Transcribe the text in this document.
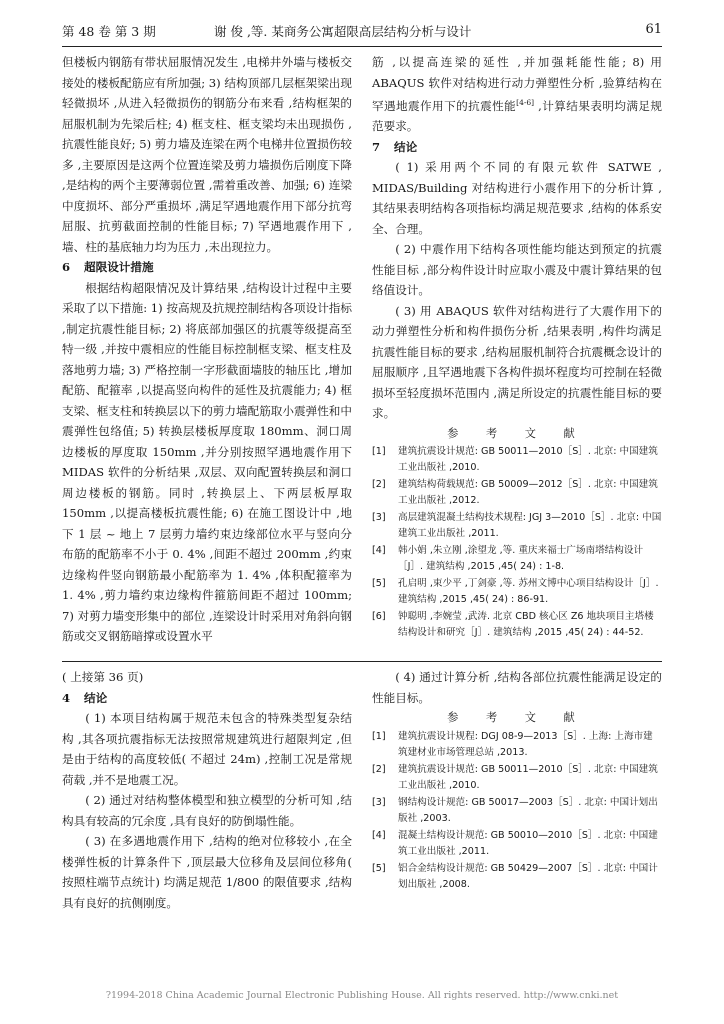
第 48 卷 第 3 期	谢 俊 ,等. 某商务公寓超限高层结构分析与设计	61

但楼板内钢筋有带状屈服情况发生 ,电梯井外墙与楼板交接处的楼板配筋应有所加强; 3) 结构顶部几层框架梁出现轻微损坏 ,从进入轻微损伤的钢筋分布来看 ,结构框架的屈服机制为先梁后柱; 4) 框支柱、框支梁均未出现损伤 ,抗震性能良好; 5) 剪力墙及连梁在两个电梯井位置损伤较多 ,主要原因是这两个位置连梁及剪力墙损伤后刚度下降 ,是结构的两个主要薄弱位置 ,需着重改善、加强; 6) 连梁中度损坏、部分严重损坏 ,满足罕遇地震作用下部分抗弯屈服、抗剪截面控制的性能目标; 7) 罕遇地震作用下 ,墙、柱的基底轴力均为压力 ,未出现拉力。

6 超限设计措施

根据结构超限情况及计算结果 ,结构设计过程中主要采取了以下措施: 1) 按高规及抗规控制结构各项设计指标 ,制定抗震性能目标; 2) 将底部加强区的抗震等级提高至特一级 ,并按中震相应的性能目标控制框支梁、框支柱及落地剪力墙; 3) 严格控制一字形截面墙肢的轴压比 ,增加配筋、配箍率 ,以提高竖向构件的延性及抗震能力; 4) 框支梁、框支柱和转换层以下的剪力墙配筋取小震弹性和中震弹性包络值; 5) 转换层楼板厚度取 180mm、洞口周边楼板的厚度取 150mm ,并分别按照罕遇地震作用下 MIDAS 软件的分析结果 ,双层、双向配置转换层和洞口周边楼板的钢筋。同时 ,转换层上、下两层板厚取 150mm ,以提高楼板抗震性能; 6) 在施工图设计中 ,地下 1 层 ~ 地上 7 层剪力墙约束边缘部位水平与竖向分布筋的配筋率不小于 0. 4% ,间距不超过 200mm ,约束边缘构件竖向钢筋最小配筋率为 1. 4% ,体积配箍率为 1. 4% ,剪力墙约束边缘构件箍筋间距不超过 100mm; 7) 对剪力墙变形集中的部位 ,连梁设计时采用对角斜向钢筋或交叉钢筋暗撑或设置水平

筋 ,以提高连梁的延性 ,并加强耗能性能; 8) 用 ABAQUS 软件对结构进行动力弹塑性分析 ,验算结构在罕遇地震作用下的抗震性能[4-6] ,计算结果表明均满足规范要求。

7 结论

( 1) 采用两个不同的有限元软件 SATWE , MIDAS/Building 对结构进行小震作用下的分析计算 ,其结果表明结构各项指标均满足规范要求 ,结构的体系安全、合理。

( 2) 中震作用下结构各项性能均能达到预定的抗震性能目标 ,部分构件设计时应取小震及中震计算结果的包络值设计。

( 3) 用 ABAQUS 软件对结构进行了大震作用下的动力弹塑性分析和构件损伤分析 ,结果表明 ,构件均满足抗震性能目标的要求 ,结构屈服机制符合抗震概念设计的屈服顺序 ,且罕遇地震下各构件损坏程度均可控制在轻微损坏至轻度损坏范围内 ,满足所设定的抗震性能目标的要求。

参 考 文 献

[1] 建筑抗震设计规范: GB 50011—2010［S］. 北京: 中国建筑工业出版社 ,2010.
[2] 建筑结构荷载规范: GB 50009—2012［S］. 北京: 中国建筑工业出版社 ,2012.
[3] 高层建筑混凝土结构技术规程: JGJ 3—2010［S］. 北京: 中国建筑工业出版社 ,2011.
[4] 韩小娟 ,朱立刚 ,涂望龙 ,等. 重庆来福士广场南塔结构设计［J］. 建筑结构 ,2015 ,45( 24) : 1-8.
[5] 孔启明 ,束少平 ,丁剑豪 ,等. 苏州文博中心项目结构设计［J］. 建筑结构 ,2015 ,45( 24) : 86-91.
[6] 钟聪明 ,李婉莹 ,武涛. 北京 CBD 核心区 Z6 地块项目主塔楼结构设计和研究［J］. 建筑结构 ,2015 ,45( 24) : 44-52.

( 上接第 36 页)

4 结论

( 1) 本项目结构属于规范未包含的特殊类型复杂结构 ,其各项抗震指标无法按照常规建筑进行超限判定 ,但是由于结构的高度较低( 不超过 24m) ,控制工况是常规荷载 ,并不是地震工况。

( 2) 通过对结构整体模型和独立模型的分析可知 ,结构具有较高的冗余度 ,具有良好的防倒塌性能。

( 3) 在多遇地震作用下 ,结构的绝对位移较小 ,在全楼弹性板的计算条件下 ,顶层最大位移角及层间位移角( 按照柱端节点统计) 均满足规范 1/800 的限值要求 ,结构具有良好的抗侧刚度。

( 4) 通过计算分析 ,结构各部位抗震性能满足设定的性能目标。

参 考 文 献

[1] 建筑抗震设计规程: DGJ 08-9—2013［S］. 上海: 上海市建筑建材业市场管理总站 ,2013.
[2] 建筑抗震设计规范: GB 50011—2010［S］. 北京: 中国建筑工业出版社 ,2010.
[3] 钢结构设计规范: GB 50017—2003［S］. 北京: 中国计划出版社 ,2003.
[4] 混凝土结构设计规范: GB 50010—2010［S］. 北京: 中国建筑工业出版社 ,2011.
[5] 铝合金结构设计规范: GB 50429—2007［S］. 北京: 中国计划出版社 ,2008.
?1994-2018 China Academic Journal Electronic Publishing House. All rights reserved. http://www.cnki.net
